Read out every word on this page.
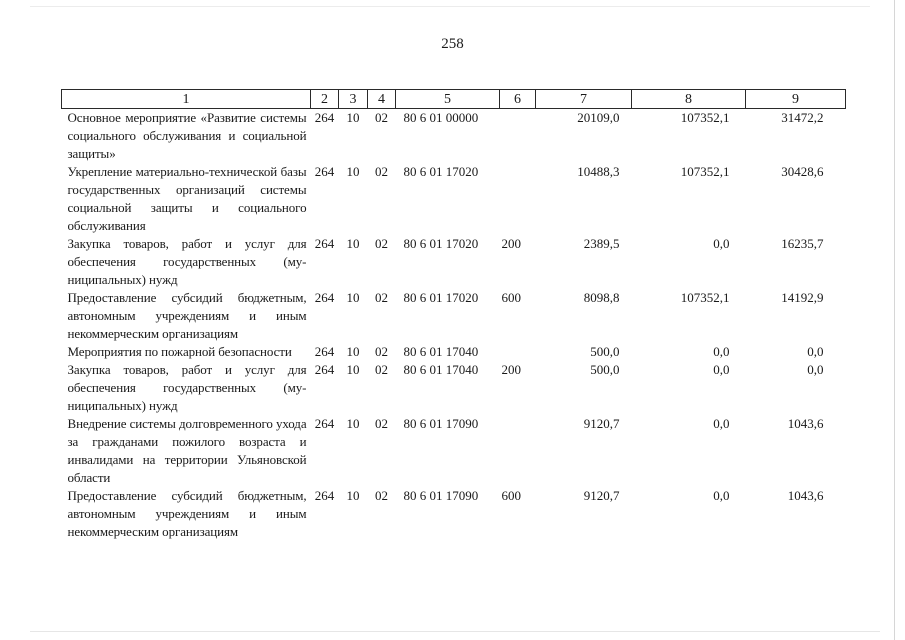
258
1	2	3	4	5	6	7	8	9
Основное мероприятие «Развитие системы социального обслуживания и социальной защиты»	264	10	02	80 6 01 00000		20109,0	107352,1	31472,2
Укрепление материально-технической базы государственных организаций системы социальной защиты и социального обслуживания	264	10	02	80 6 01 17020		10488,3	107352,1	30428,6
Закупка товаров, работ и услуг для обеспечения государственных (муниципальных) нужд	264	10	02	80 6 01 17020	200	2389,5	0,0	16235,7
Предоставление субсидий бюджетным, автономным учреждениям и иным некоммерческим организациям	264	10	02	80 6 01 17020	600	8098,8	107352,1	14192,9
Мероприятия по пожарной безопасности	264	10	02	80 6 01 17040		500,0	0,0	0,0
Закупка товаров, работ и услуг для обеспечения государственных (муниципальных) нужд	264	10	02	80 6 01 17040	200	500,0	0,0	0,0
Внедрение системы долговременного ухода за гражданами пожилого возраста и инвалидами на территории Ульяновской области	264	10	02	80 6 01 17090		9120,7	0,0	1043,6
Предоставление субсидий бюджетным, автономным учреждениям и иным некоммерческим организациям	264	10	02	80 6 01 17090	600	9120,7	0,0	1043,6
